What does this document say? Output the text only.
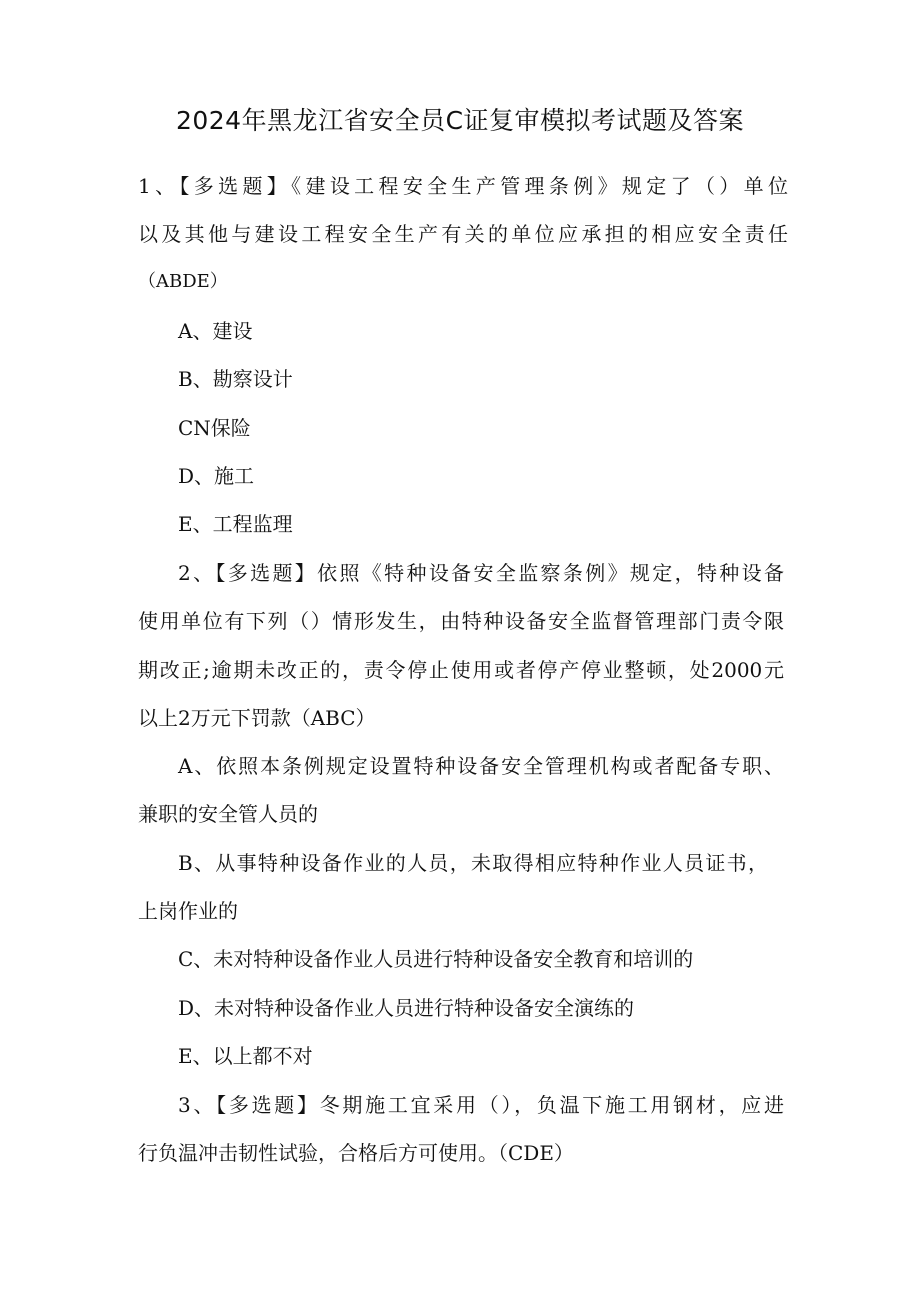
2024年黑龙江省安全员C证复审模拟考试题及答案
1、【多选题】《建设工程安全生产管理条例》规定了（）单位
以及其他与建设工程安全生产有关的单位应承担的相应安全责任
（ABDE）
A、建设
B、勘察设计
CN保险
D、施工
E、工程监理
2、【多选题】依照《特种设备安全监察条例》规定，特种设备
使用单位有下列（）情形发生，由特种设备安全监督管理部门责令限
期改正;逾期未改正的，责令停止使用或者停产停业整顿，处2000元
以上2万元下罚款（ABC）
A、依照本条例规定设置特种设备安全管理机构或者配备专职、
兼职的安全管人员的
B、从事特种设备作业的人员，未取得相应特种作业人员证书，
上岗作业的
C、未对特种设备作业人员进行特种设备安全教育和培训的
D、未对特种设备作业人员进行特种设备安全演练的
E、以上都不对
3、【多选题】冬期施工宜采用（），负温下施工用钢材，应进
行负温冲击韧性试验，合格后方可使用。（CDE）
